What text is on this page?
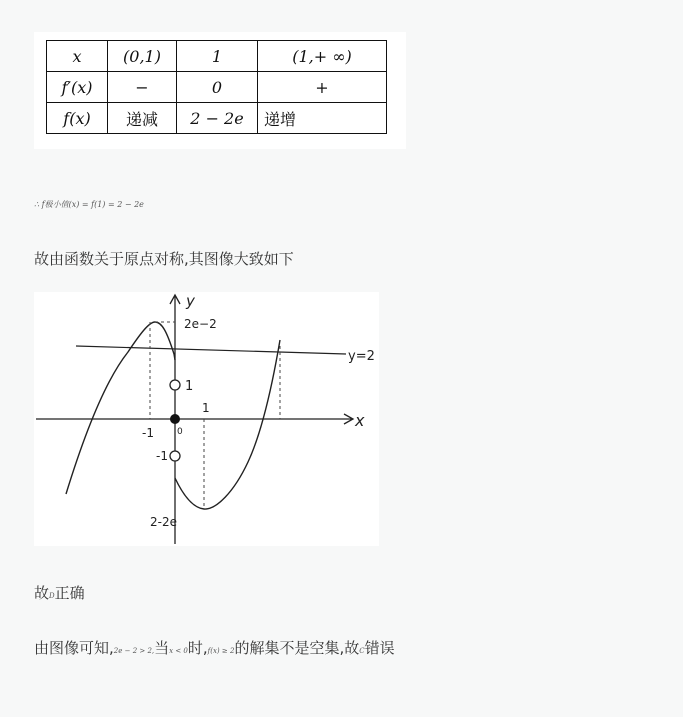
x	(0,1)	1	(1,+ ∞)
f′(x)	−	0	+
f(x)	递减	2 − 2e	递增
∴ f极小值(x) = f(1) = 2 − 2e
故由函数关于原点对称,其图像大致如下
y
2e−2
y=2
1
x
-1	0
1
-1
2-2e
故D正确
由图像可知,2e − 2 > 2,当x < 0时,f(x) ≥ 2的解集不是空集,故C错误
